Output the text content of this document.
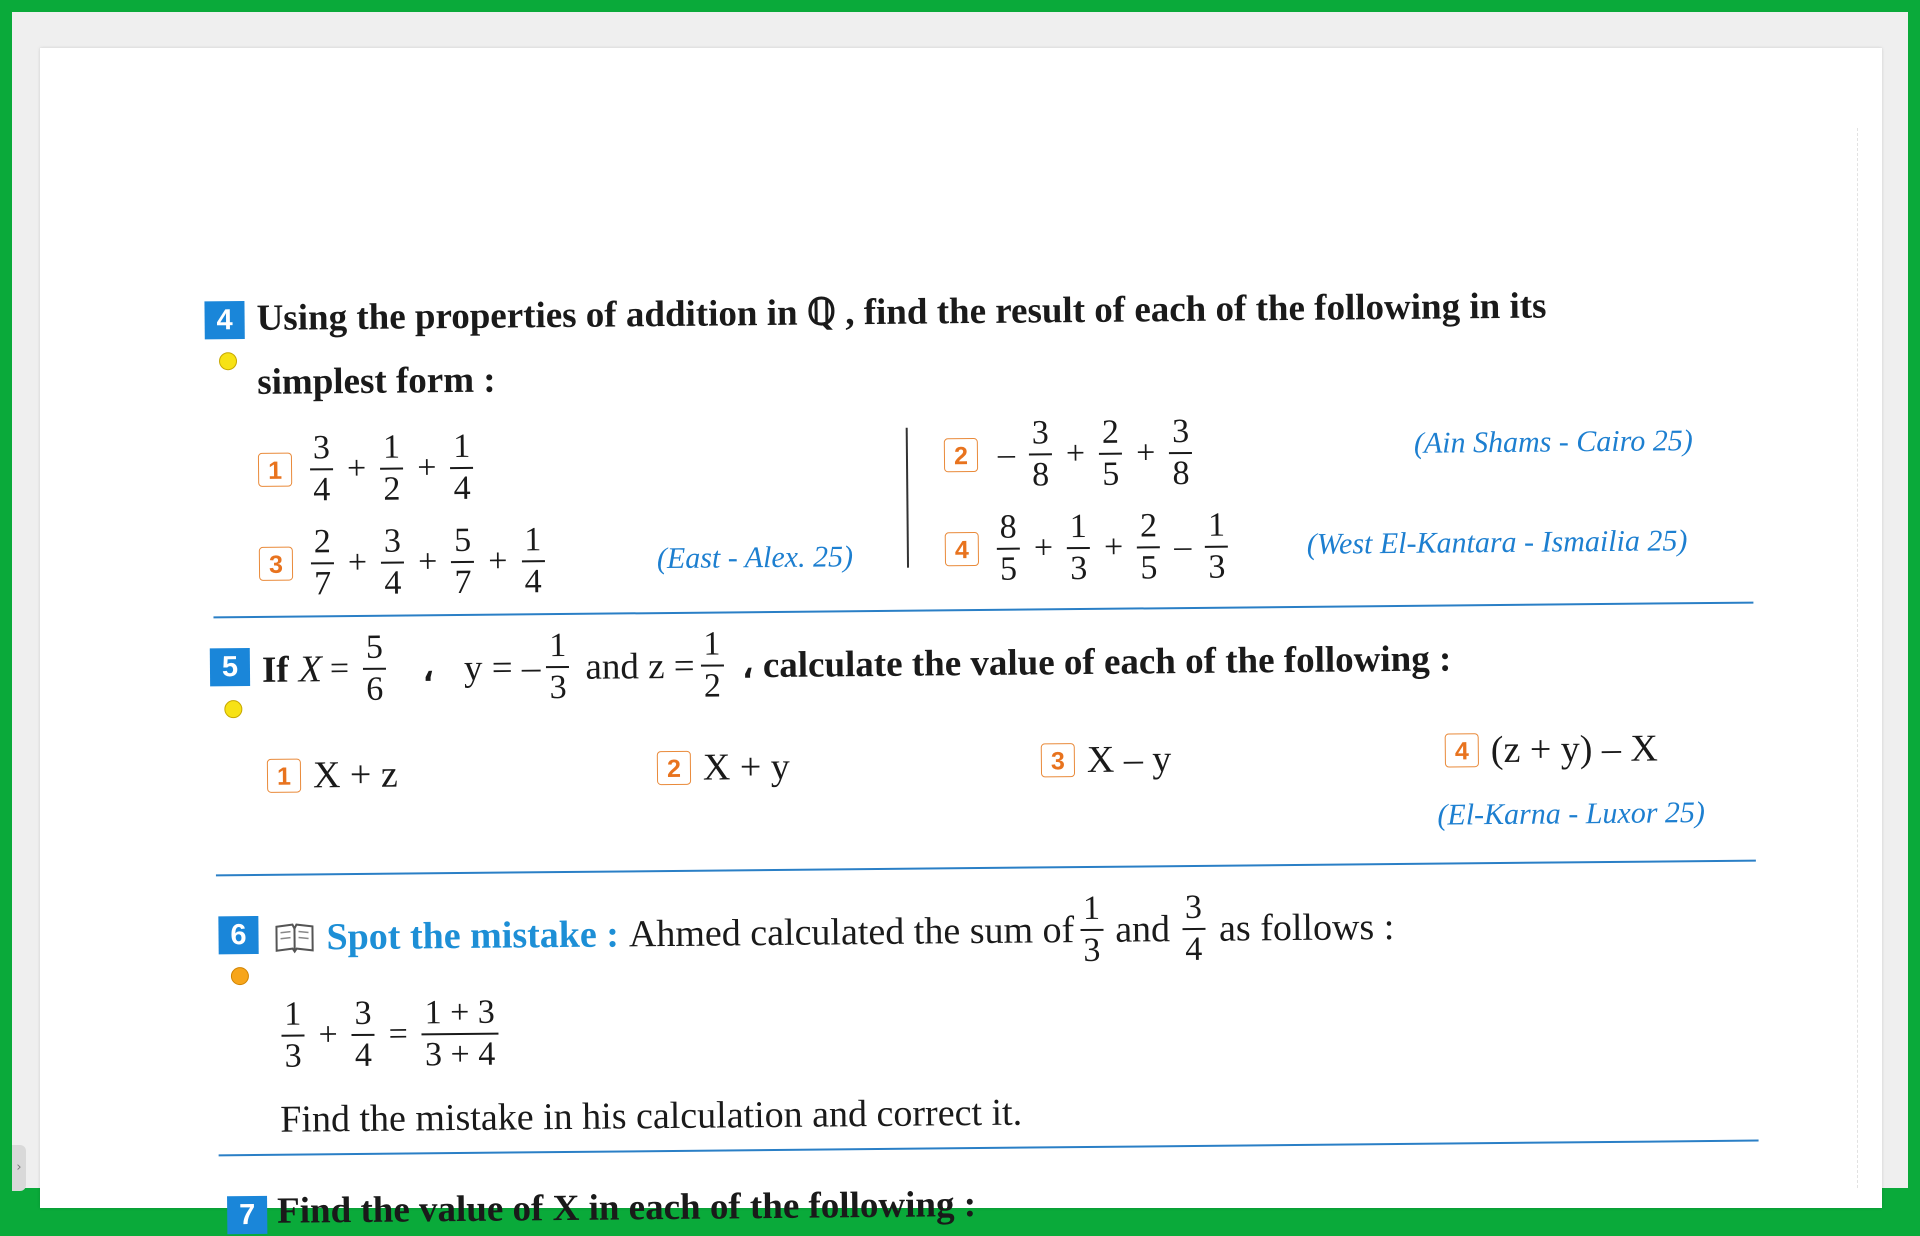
4 Using the properties of addition in ℚ , find the result of each of the following in its
simplest form :
$1 \frac{3}{4} + \frac{1}{2} + \frac{1}{4}$	$2 - \frac{3}{8} + \frac{2}{5} + \frac{3}{8}$	(Ain Shams - Cairo 25)
$3 \frac{2}{7} + \frac{3}{4} + \frac{5}{7} + \frac{1}{4}$	(East - Alex. 25)	$4 \frac{8}{5} + \frac{1}{3} + \frac{2}{5} - \frac{1}{3}$	(West El-Kantara - Ismailia 25)
5 If $X = \frac{5}{6}$ ، y = – $\frac{1}{3}$ and $z = \frac{1}{2}$ ، calculate the value of each of the following :
1 X + z	2 X + y	3 X – y	4 (z + y) – X
(El-Karna - Luxor 25)
6	Spot the mistake : Ahmed calculated the sum of $\frac{1}{3}$ and $\frac{3}{4}$ as follows :
$\frac{1}{3} + \frac{3}{4} = \frac{1 + 3}{3 + 4}$
Find the mistake in his calculation and correct it.
7 Find the value of X in each of the following :
›
